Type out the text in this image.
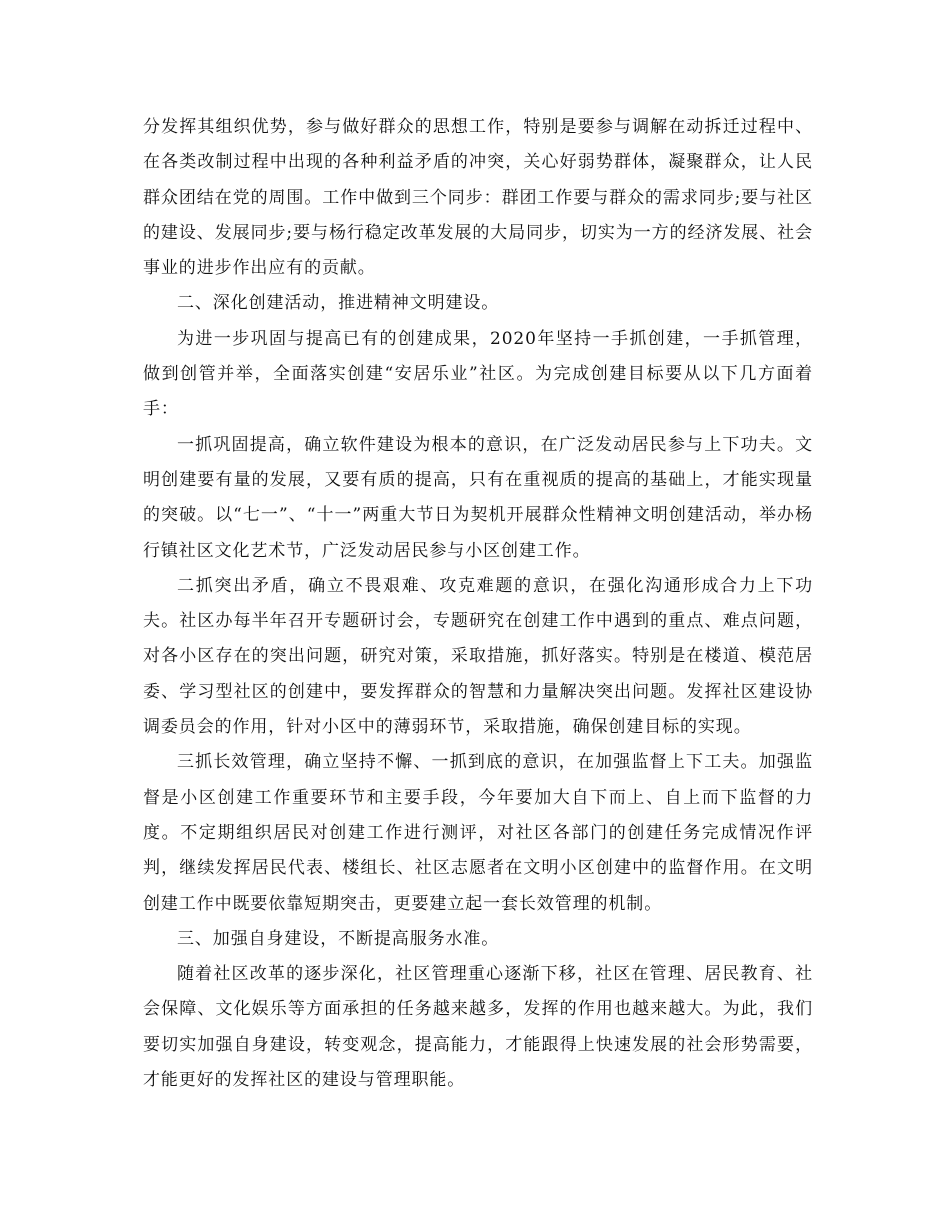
分发挥其组织优势，参与做好群众的思想工作，特别是要参与调解在动拆迁过程中、在各类改制过程中出现的各种利益矛盾的冲突，关心好弱势群体，凝聚群众，让人民群众团结在党的周围。工作中做到三个同步：群团工作要与群众的需求同步;要与社区的建设、发展同步;要与杨行稳定改革发展的大局同步，切实为一方的经济发展、社会事业的进步作出应有的贡献。

二、深化创建活动，推进精神文明建设。

为进一步巩固与提高已有的创建成果，2020年坚持一手抓创建，一手抓管理，做到创管并举，全面落实创建“安居乐业”社区。为完成创建目标要从以下几方面着手：

一抓巩固提高，确立软件建设为根本的意识，在广泛发动居民参与上下功夫。文明创建要有量的发展，又要有质的提高，只有在重视质的提高的基础上，才能实现量的突破。以“七一”、“十一”两重大节日为契机开展群众性精神文明创建活动，举办杨行镇社区文化艺术节，广泛发动居民参与小区创建工作。

二抓突出矛盾，确立不畏艰难、攻克难题的意识，在强化沟通形成合力上下功夫。社区办每半年召开专题研讨会，专题研究在创建工作中遇到的重点、难点问题，对各小区存在的突出问题，研究对策，采取措施，抓好落实。特别是在楼道、模范居委、学习型社区的创建中，要发挥群众的智慧和力量解决突出问题。发挥社区建设协调委员会的作用，针对小区中的薄弱环节，采取措施，确保创建目标的实现。

三抓长效管理，确立坚持不懈、一抓到底的意识，在加强监督上下工夫。加强监督是小区创建工作重要环节和主要手段，今年要加大自下而上、自上而下监督的力度。不定期组织居民对创建工作进行测评，对社区各部门的创建任务完成情况作评判，继续发挥居民代表、楼组长、社区志愿者在文明小区创建中的监督作用。在文明创建工作中既要依靠短期突击，更要建立起一套长效管理的机制。

三、加强自身建设，不断提高服务水准。

随着社区改革的逐步深化，社区管理重心逐渐下移，社区在管理、居民教育、社会保障、文化娱乐等方面承担的任务越来越多，发挥的作用也越来越大。为此，我们要切实加强自身建设，转变观念，提高能力，才能跟得上快速发展的社会形势需要，才能更好的发挥社区的建设与管理职能。
